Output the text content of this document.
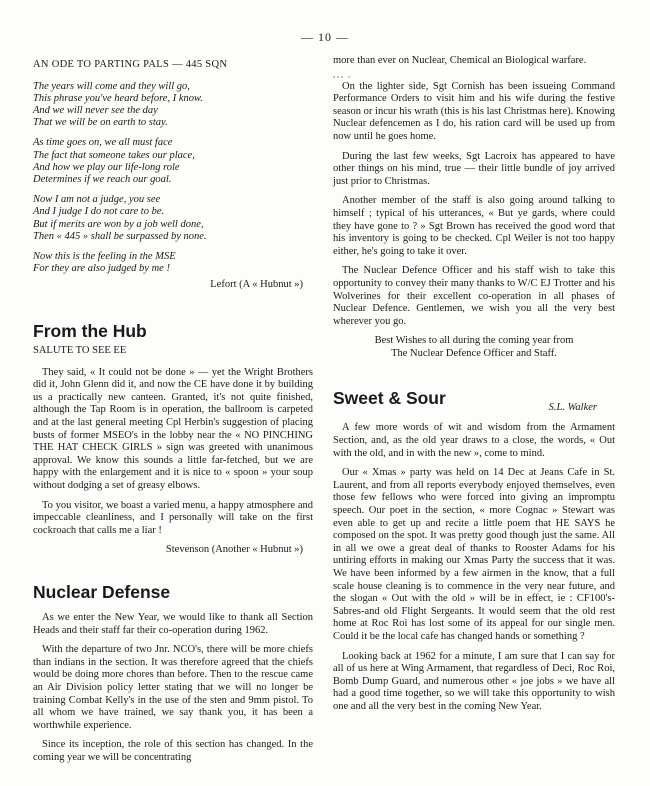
— 10 —
AN ODE TO PARTING PALS — 445 SQN
The years will come and they will go,
This phrase you've heard before, I know.
And we will never see the day
That we will be on earth to stay.
As time goes on, we all must face
The fact that someone takes our place,
And how we play our life-long role
Determines if we reach our goal.
Now I am not a judge, you see
And I judge I do not care to be.
But if merits are won by a job well done,
Then « 445 » shall be surpassed by none.
Now this is the feeling in the MSE
For they are also judged by me !
Lefort (A « Hubnut »)
From the Hub
SALUTE TO SEE EE

They said, « It could not be done » — yet the Wright Brothers did it, John Glenn did it, and now the CE have done it by building us a practically new canteen. Granted, it's not quite finished, although the Tap Room is in operation, the ballroom is carpeted and at the last general meeting Cpl Herbin's suggestion of placing busts of former MSEO's in the lobby near the « NO PINCHING THE HAT CHECK GIRLS » sign was greeted with unanimous approval. We know this sounds a little far-fetched, but we are happy with the enlargement and it is nice to « spoon » your soup without dodging a set of greasy elbows.

To you visitor, we boast a varied menu, a happy atmosphere and impeccable cleanliness, and I personally will take on the first cockroach that calls me a liar !

Stevenson (Another « Hubnut »)
Nuclear Defense

As we enter the New Year, we would like to thank all Section Heads and their staff far their co-operation during 1962.

With the departure of two Jnr. NCO's, there will be more chiefs than indians in the section. It was therefore agreed that the chiefs would be doing more chores than before. Then to the rescue came an Air Division policy letter stating that we will no longer be training Combat Kelly's in the use of the sten and 9mm pistol. To all whom we have trained, we say thank you, it has been a worthwhile experience.

Since its inception, the role of this section has changed. In the coming year we will be concentrating

more than ever on Nuclear, Chemical an Biological warfare.

ᵃᵃᵃ ᵉ

On the lighter side, Sgt Cornish has been issueing Command Performance Orders to visit him and his wife during the festive season or incur his wrath (this is his last Christmas here). Knowing Nuclear defencemen as I do, his ration card will be used up from now until he goes home.

During the last few weeks, Sgt Lacroix has appeared to have other things on his mind, true — their little bundle of joy arrived just prior to Christmas.

Another member of the staff is also going around talking to himself ; typical of his utterances, « But ye gards, where could they have gone to ? » Sgt Brown has received the good word that his inventory is going to be checked. Cpl Weiler is not too happy either, he's going to take it over.

The Nuclear Defence Officer and his staff wish to take this opportunity to convey their many thanks to W/C EJ Trotter and his Wolverines for their excellent co-operation in all phases of Nuclear Defence. Gentlemen, we wish you all the very best wherever you go.

Best Wishes to all during the coming year from

The Nuclear Defence Officer and Staff.

Sweet & Sour	S.L. Walker

A few more words of wit and wisdom from the Armament Section, and, as the old year draws to a close, the words, « Out with the old, and in with the new », come to mind.

Our « Xmas » party was held on 14 Dec at Jeans Cafe in St. Laurent, and from all reports everybody enjoyed themselves, even those few fellows who were forced into giving an impromptu speech. Our poet in the section, « more Cognac » Stewart was even able to get up and recite a little poem that HE SAYS he composed on the spot. It was pretty good though just the same. All in all we owe a great deal of thanks to Rooster Adams for his untiring efforts in making our Xmas Party the success that it was. We have been informed by a few airmen in the know, that a full scale house cleaning is to commence in the very near future, and the slogan « Out with the old » will be in effect, ie : CF100's-Sabres-and old Flight Sergeants. It would seem that the old rest home at Roc Roi has lost some of its appeal for our single men. Could it be the local cafe has changed hands or something ?

Looking back at 1962 for a minute, I am sure that I can say for all of us here at Wing Armament, that regardless of Deci, Roc Roi, Bomb Dump Guard, and numerous other « joe jobs » we have all had a good time together, so we will take this opportunity to wish one and all the very best in the coming New Year.
